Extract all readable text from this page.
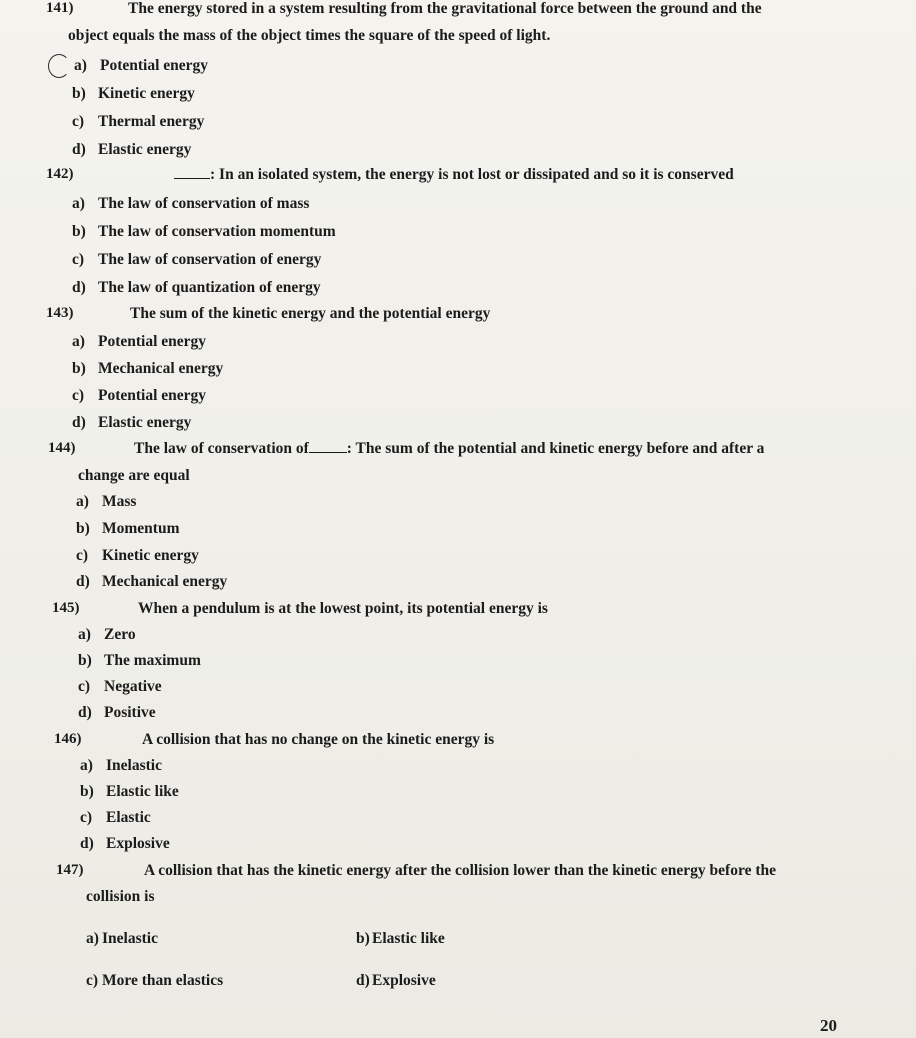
141)	The energy stored in a system resulting from the gravitational force between the ground and the
object equals the mass of the object times the square of the speed of light.
a) Potential energy
b) Kinetic energy
c) Thermal energy
d) Elastic energy
142)	: In an isolated system, the energy is not lost or dissipated and so it is conserved
a) The law of conservation of mass
b) The law of conservation momentum
c) The law of conservation of energy
d) The law of quantization of energy
143)	The sum of the kinetic energy and the potential energy
a) Potential energy
b) Mechanical energy
c) Potential energy
d) Elastic energy
144)	The law of conservation of : The sum of the potential and kinetic energy before and after a
change are equal
a) Mass
b) Momentum
c) Kinetic energy
d) Mechanical energy
145)	When a pendulum is at the lowest point, its potential energy is
a) Zero
b) The maximum
c) Negative
d) Positive
146)	A collision that has no change on the kinetic energy is
a) Inelastic
b) Elastic like
c) Elastic
d) Explosive
147)	A collision that has the kinetic energy after the collision lower than the kinetic energy before the
collision is
a) Inelastic	b) Elastic like
c) More than elastics	d) Explosive
20
